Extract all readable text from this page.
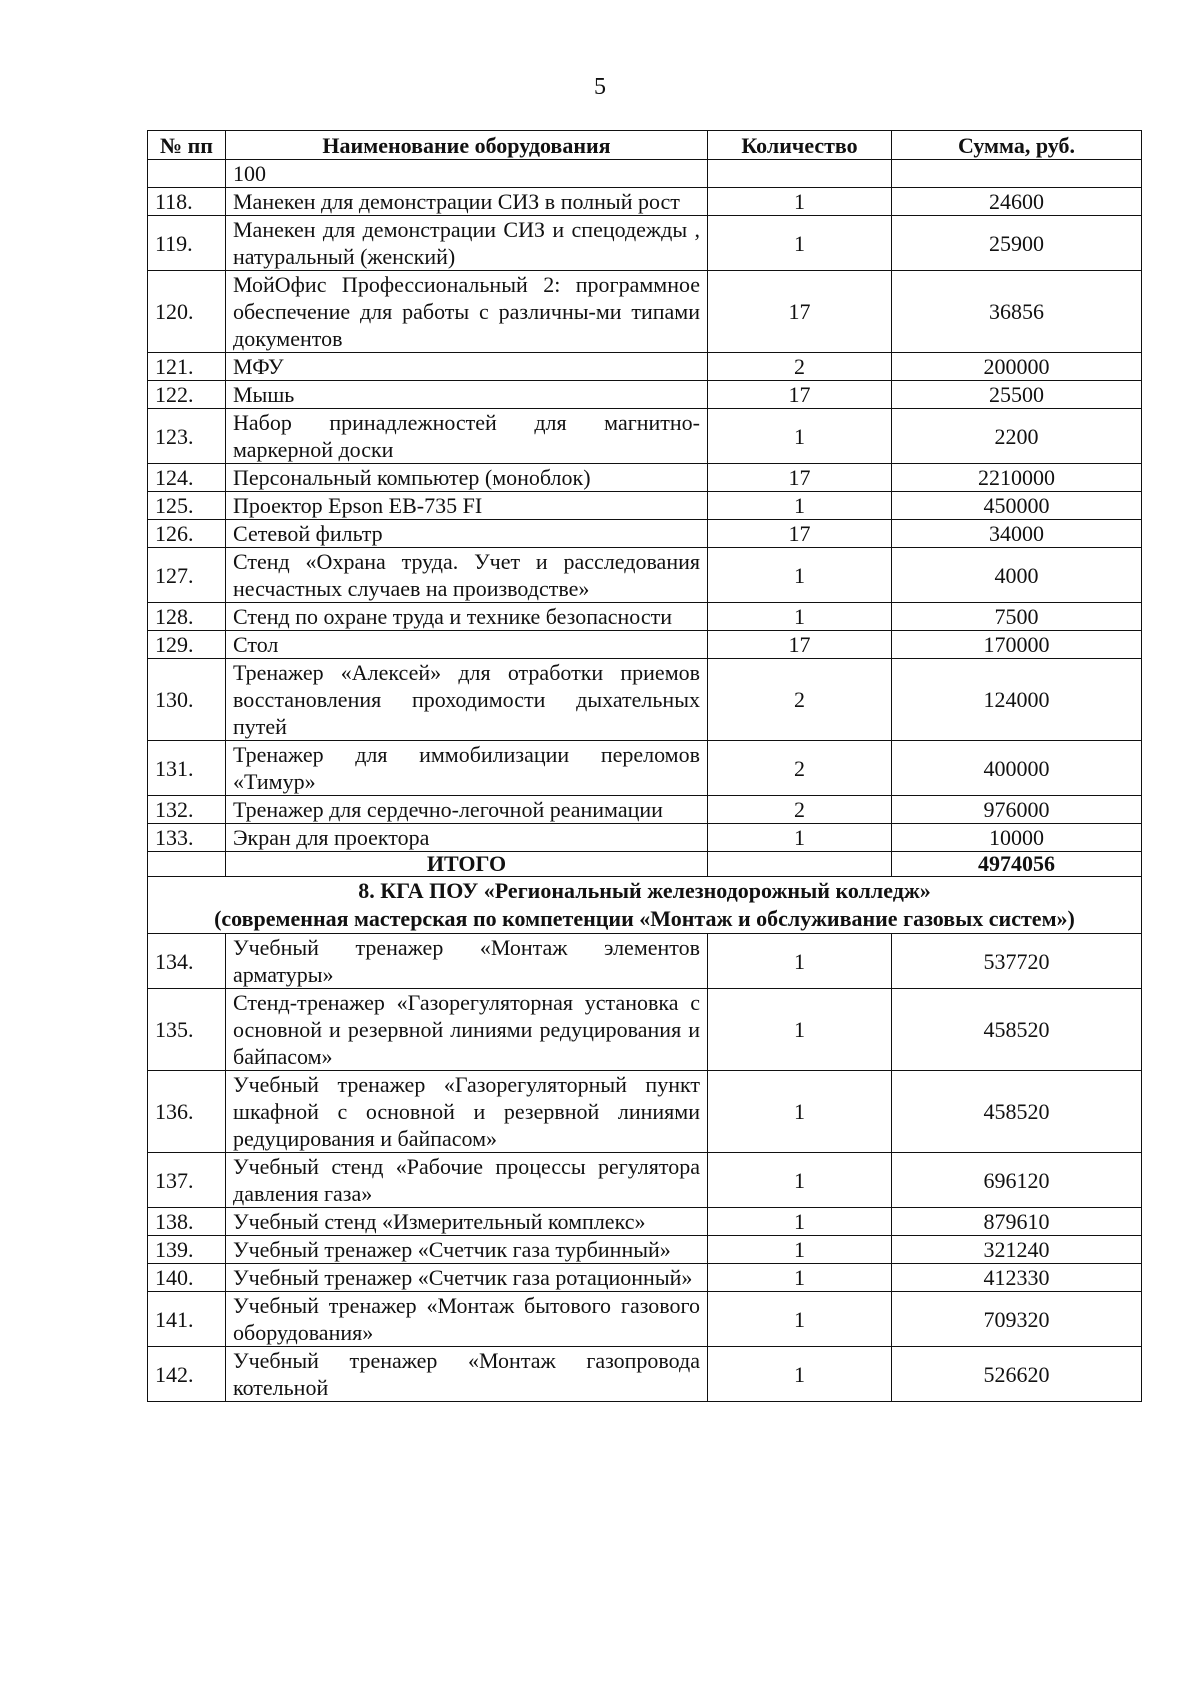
5
№ пп	Наименование оборудования	Количество	Сумма, руб.
	100		
118.	Манекен для демонстрации СИЗ в полный рост	1	24600
119.	Манекен для демонстрации СИЗ и спецодежды , натуральный (женский)	1	25900
120.	МойОфис Профессиональный 2: программное обеспечение для работы с различны-ми типами документов	17	36856
121.	МФУ	2	200000
122.	Мышь	17	25500
123.	Набор принадлежностей для магнитно-маркерной доски	1	2200
124.	Персональный компьютер (моноблок)	17	2210000
125.	Проектор Epson EB-735 FI	1	450000
126.	Сетевой фильтр	17	34000
127.	Стенд «Охрана труда. Учет и расследования несчастных случаев на производстве»	1	4000
128.	Стенд по охране труда и технике безопасности	1	7500
129.	Стол	17	170000
130.	Тренажер «Алексей» для отработки приемов восстановления проходимости дыхательных путей	2	124000
131.	Тренажер для иммобилизации переломов «Тимур»	2	400000
132.	Тренажер для сердечно-легочной реанимации	2	976000
133.	Экран для проектора	1	10000
	ИТОГО		4974056

8. КГА ПОУ «Региональный железнодорожный колледж»
(современная мастерская по компетенции «Монтаж и обслуживание газовых систем»)			

134.	Учебный тренажер «Монтаж элементов арматуры»	1	537720
135.	Стенд-тренажер «Газорегуляторная установка с основной и резервной линиями редуцирования и байпасом»	1	458520
136.	Учебный тренажер «Газорегуляторный пункт шкафной с основной и резервной линиями редуцирования и байпасом»	1	458520
137.	Учебный стенд «Рабочие процессы регулятора давления газа»	1	696120
138.	Учебный стенд «Измерительный комплекс»	1	879610
139.	Учебный тренажер «Счетчик газа турбинный»	1	321240
140.	Учебный тренажер «Счетчик газа ротационный»	1	412330
141.	Учебный тренажер «Монтаж бытового газового оборудования»	1	709320
142.	Учебный тренажер «Монтаж газопровода котельной	1	526620
